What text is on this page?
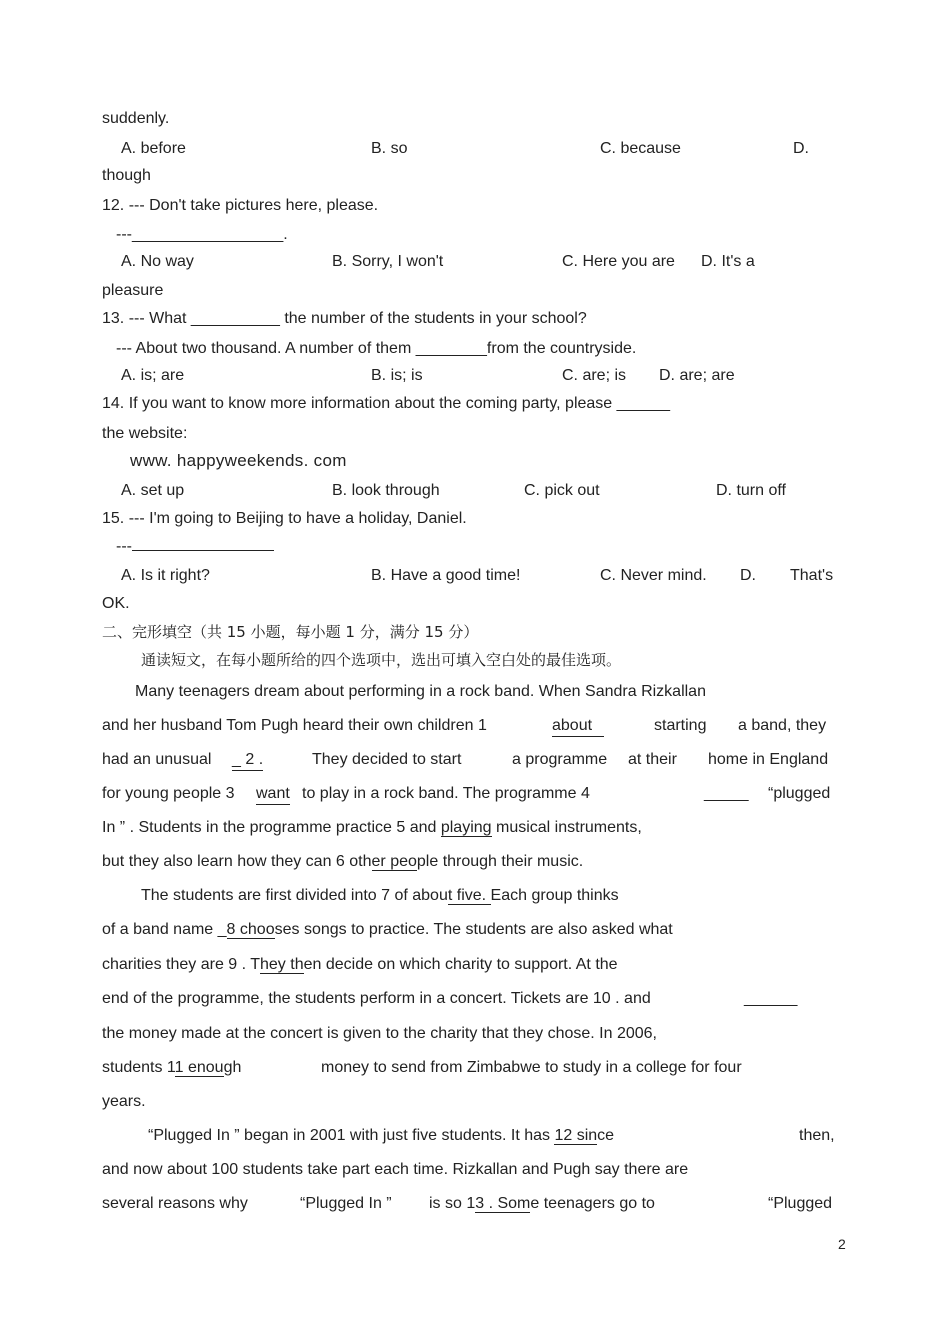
suddenly.
A. before	B. so	C. because	D.
though
12. --- Don't take pictures here, please.
---_________________.
A. No way	B. Sorry, I won't	C. Here you are D. It's a
pleasure
13. --- What __________ the number of the students in your school?
--- About two thousand. A number of them ________from the countryside.
A. is; are	B. is; is	C. are; is D. are; are
14. If you want to know more information about the coming party, please ______
the website:
www. happyweekends. com
A. set up	B. look through	C. pick out	D. turn off
15. --- I'm going to Beijing to have a holiday, Daniel.
---
A. Is it right?	B. Have a good time!	C. Never mind. D. That's
OK.
二、完形填空（共 15 小题，每小题 1 分，满分 15 分）
通读短文，在每小题所给的四个选项中，选出可填入空白处的最佳选项。
Many teenagers dream about performing in a rock band. When Sandra Rizkallan
and her husband Tom Pugh heard their own children 1	about	starting a band, they
had an unusual _ 2 .	They decided to start	a programme at their home in England
for young people 3 want to play in a rock band. The programme 4	_____ “plugged
In ” . Students in the programme practice 5 and playing musical instruments,
but they also learn how they can 6 other people through their music.
The students are first divided into 7 of about five. Each group thinks
of a band name _8 chooses songs to practice. The students are also asked what
charities they are 9 . They then decide on which charity to support. At the
end of the programme, the students perform in a concert. Tickets are 10 . and	______
the money made at the concert is given to the charity that they chose. In 2006,
students 11 enough	money to send from Zimbabwe to study in a college for four
years.
“Plugged In ” began in 2001 with just five students. It has 12 since	then,
and now about 100 students take part each time. Rizkallan and Pugh say there are
several reasons why	“Plugged In ” is so 13 . Some teenagers go to	“Plugged
2
